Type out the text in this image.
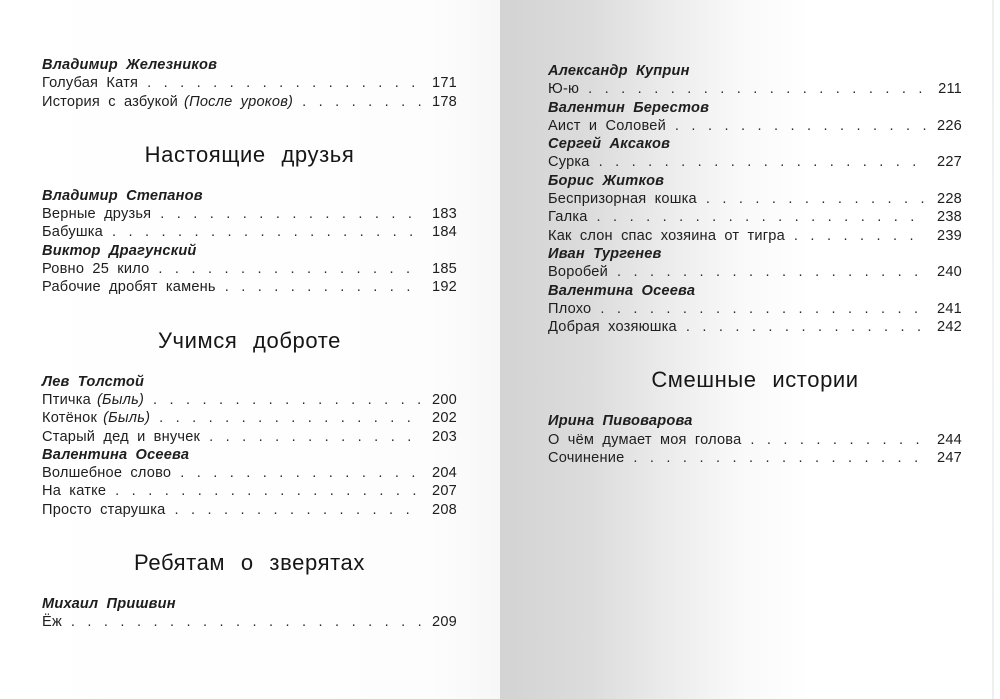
Владимир Железников
Голубая Катя . . .	171
История с азбукой (После уроков) . . .	178
Настоящие друзья
Владимир Степанов
Верные друзья . . .	183
Бабушка . . .	184
Виктор Драгунский
Ровно 25 кило . . .	185
Рабочие дробят камень . . .	192
Учимся доброте
Лев Толстой
Птичка (Быль) . . .	200
Котёнок (Быль) . . .	202
Старый дед и внучек . . .	203
Валентина Осеева
Волшебное слово . . .	204
На катке . . .	207
Просто старушка . . .	208
Ребятам о зверятах
Михаил Пришвин
Ёж . . .	209
Александр Куприн
Ю-ю . . .	211
Валентин Берестов
Аист и Соловей . . .	226
Сергей Аксаков
Сурка . . .	227
Борис Житков
Беспризорная кошка . . .	228
Галка . . .	238
Как слон спас хозяина от тигра . . .	239
Иван Тургенев
Воробей . . .	240
Валентина Осеева
Плохо . . .	241
Добрая хозяюшка . . .	242
Смешные истории
Ирина Пивоварова
О чём думает моя голова . . .	244
Сочинение . . .	247
